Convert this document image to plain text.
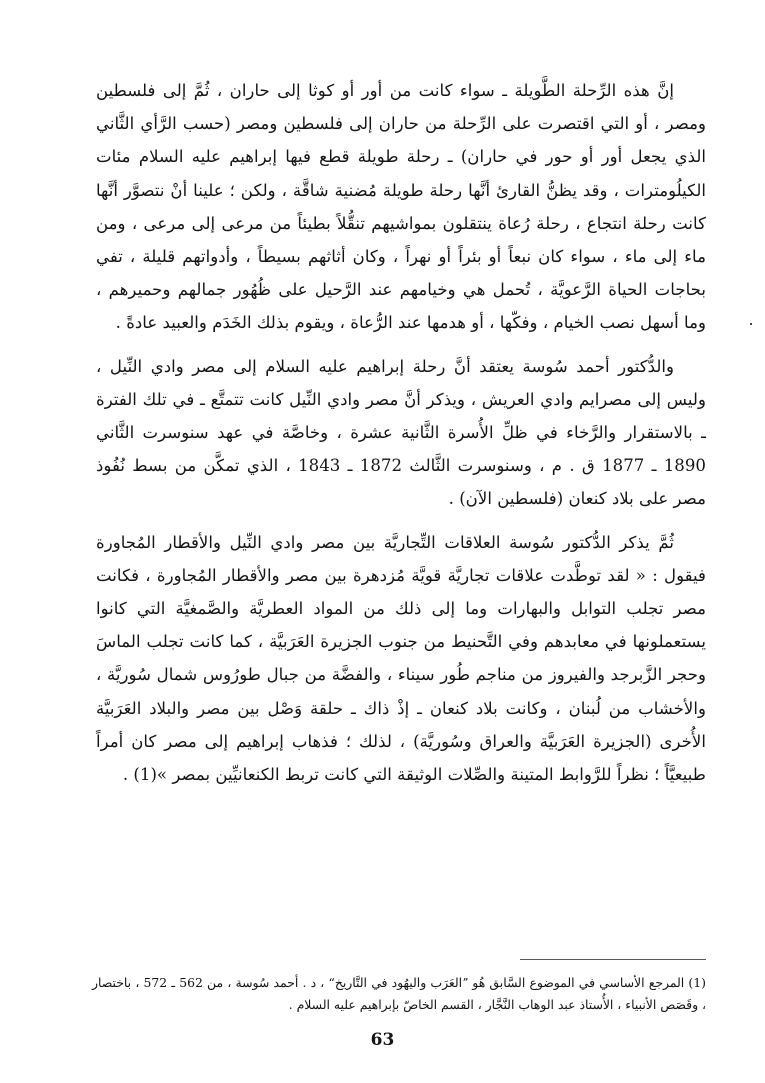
إنَّ هذه الرِّحلة الطَّويلة ـ سواء كانت من أور أو كوثا إلى حاران ، ثُمَّ إلى فلسطين ومصر ، أو التي اقتصرت على الرِّحلة من حاران إلى فلسطين ومصر (حسب الرَّأي الثَّاني الذي يجعل أور أو حور في حاران) ـ رحلة طويلة قطع فيها إبراهيم عليه السلام مئات الكيلُومترات ، وقد يظنُّ القارئ أنَّها رحلة طويلة مُضنية شاقَّة ، ولكن ؛ علينا أنْ نتصوَّر أنَّها كانت رحلة انتجاع ، رحلة رُعاة ينتقلون بمواشيهم تنقُّلاً بطيئاً من مرعى إلى مرعى ، ومن ماء إلى ماء ، سواء كان نبعاً أو بئراً أو نهراً ، وكان أثاثهم بسيطاً ، وأدواتهم قليلة ، تفي بحاجات الحياة الرَّعويَّة ، تُحمل هي وخيامهم عند الرَّحيل على ظُهُور جمالهم وحميرهم ، وما أسهل نصب الخيام ، وفكّها ، أو هدمها عند الرُّعاة ، ويقوم بذلك الخَدَم والعبيد عادةً .

والدُّكتور أحمد سُوسة يعتقد أنَّ رحلة إبراهيم عليه السلام إلى مصر وادي النِّيل ، وليس إلى مصرايم وادي العريش ، ويذكر أنَّ مصر وادي النِّيل كانت تتمتَّع ـ في تلك الفترة ـ بالاستقرار والرَّخاء في ظلِّ الأُسرة الثَّانية عشرة ، وخاصَّة في عهد سنوسرت الثَّاني 1890 ـ 1877 ق . م ، وسنوسرت الثَّالث 1872 ـ 1843 ، الذي تمكَّن من بسط نُفُوذ مصر على بلاد كنعان (فلسطين الآن) .

ثُمَّ يذكر الدُّكتور سُوسة العلاقات التِّجاريَّة بين مصر وادي النِّيل والأقطار المُجاورة فيقول : « لقد توطَّدت علاقات تجاريَّة قويَّة مُزدهرة بين مصر والأقطار المُجاورة ، فكانت مصر تجلب التوابل والبهارات وما إلى ذلك من المواد العطريَّة والصَّمغيَّة التي كانوا يستعملونها في معابدهم وفي التَّحنيط من جنوب الجزيرة العَرَبيَّة ، كما كانت تجلب الماسَ وحجر الزَّبرجد والفيروز من مناجم طُور سيناء ، والفضَّة من جبال طورُوس شمال سُوريَّة ، والأخشاب من لُبنان ، وكانت بلاد كنعان ـ إذْ ذاك ـ حلقة وَصْل بين مصر والبلاد العَرَبيَّة الأُخرى (الجزيرة العَرَبيَّة والعراق وسُوريَّة) ، لذلك ؛ فذهاب إبراهيم إلى مصر كان أمراً طبيعيَّاً ؛ نظراً للرَّوابط المتينة والصِّلات الوثيقة التي كانت تربط الكنعانيِّين بمصر »(1) .

(1) المرجع الأساسي في الموضوع السَّابق هُو ˮالعَرَب واليهُود في التَّاريخ“ ، د . أحمد سُوسة ، من 562 ـ 572 ، باختصار ، وقَصَص الأنبياء ، الأُستاذ عبد الوهاب النَّجَّار ، القسم الخاصّ بإبراهيم عليه السلام .
63
